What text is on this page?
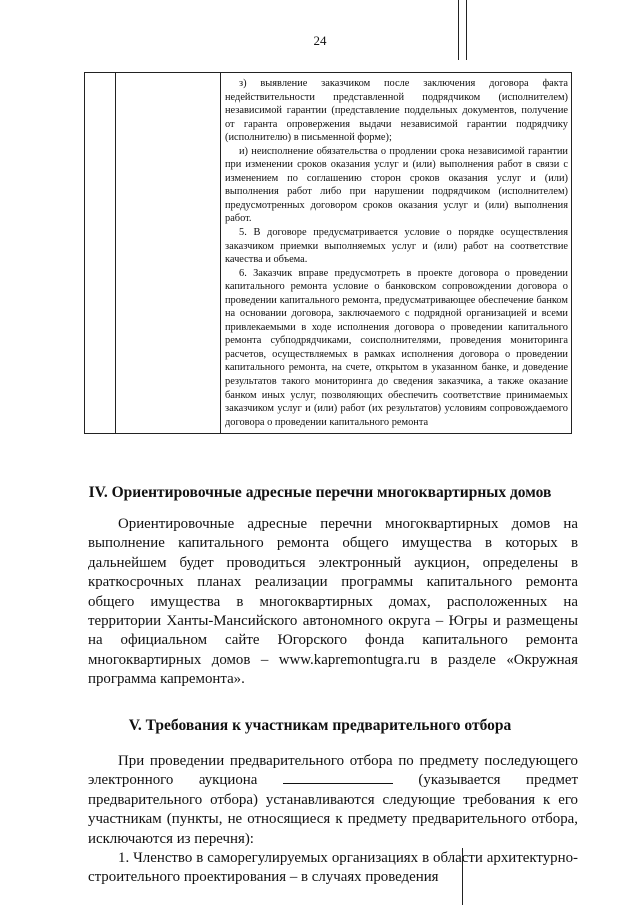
24

з) выявление заказчиком после заключения договора факта недействительности представленной подрядчиком (исполнителем) независимой гарантии (представление поддельных документов, получение от гаранта опровержения выдачи независимой гарантии подрядчику (исполнителю) в письменной форме);

и) неисполнение обязательства о продлении срока независимой гарантии при изменении сроков оказания услуг и (или) выполнения работ в связи с изменением по соглашению сторон сроков оказания услуг и (или) выполнения работ либо при нарушении подрядчиком (исполнителем) предусмотренных договором сроков оказания услуг и (или) выполнения работ.

5. В договоре предусматривается условие о порядке осуществления заказчиком приемки выполняемых услуг и (или) работ на соответствие качества и объема.

6. Заказчик вправе предусмотреть в проекте договора о проведении капитального ремонта условие о банковском сопровождении договора о проведении капитального ремонта, предусматривающее обеспечение банком на основании договора, заключаемого с подрядной организацией и всеми привлекаемыми в ходе исполнения договора о проведении капитального ремонта субподрядчиками, соисполнителями, проведения мониторинга расчетов, осуществляемых в рамках исполнения договора о проведении капитального ремонта, на счете, открытом в указанном банке, и доведение результатов такого мониторинга до сведения заказчика, а также оказание банком иных услуг, позволяющих обеспечить соответствие принимаемых заказчиком услуг и (или) работ (их результатов) условиям сопровождаемого договора о проведении капитального ремонта

IV. Ориентировочные адресные перечни многоквартирных домов

Ориентировочные адресные перечни многоквартирных домов на выполнение капитального ремонта общего имущества в которых в дальнейшем будет проводиться электронный аукцион, определены в краткосрочных планах реализации программы капитального ремонта общего имущества в многоквартирных домах, расположенных на территории Ханты-Мансийского автономного округа – Югры и размещены на официальном сайте Югорского фонда капитального ремонта многоквартирных домов – www.kapremontugra.ru в разделе «Окружная программа капремонта».

V. Требования к участникам предварительного отбора

При проведении предварительного отбора по предмету последующего электронного аукциона	(указывается предмет предварительного отбора) устанавливаются следующие требования к его участникам (пункты, не относящиеся к предмету предварительного отбора, исключаются из перечня):

1. Членство в саморегулируемых организациях в области архитектурно-строительного проектирования – в случаях проведения
